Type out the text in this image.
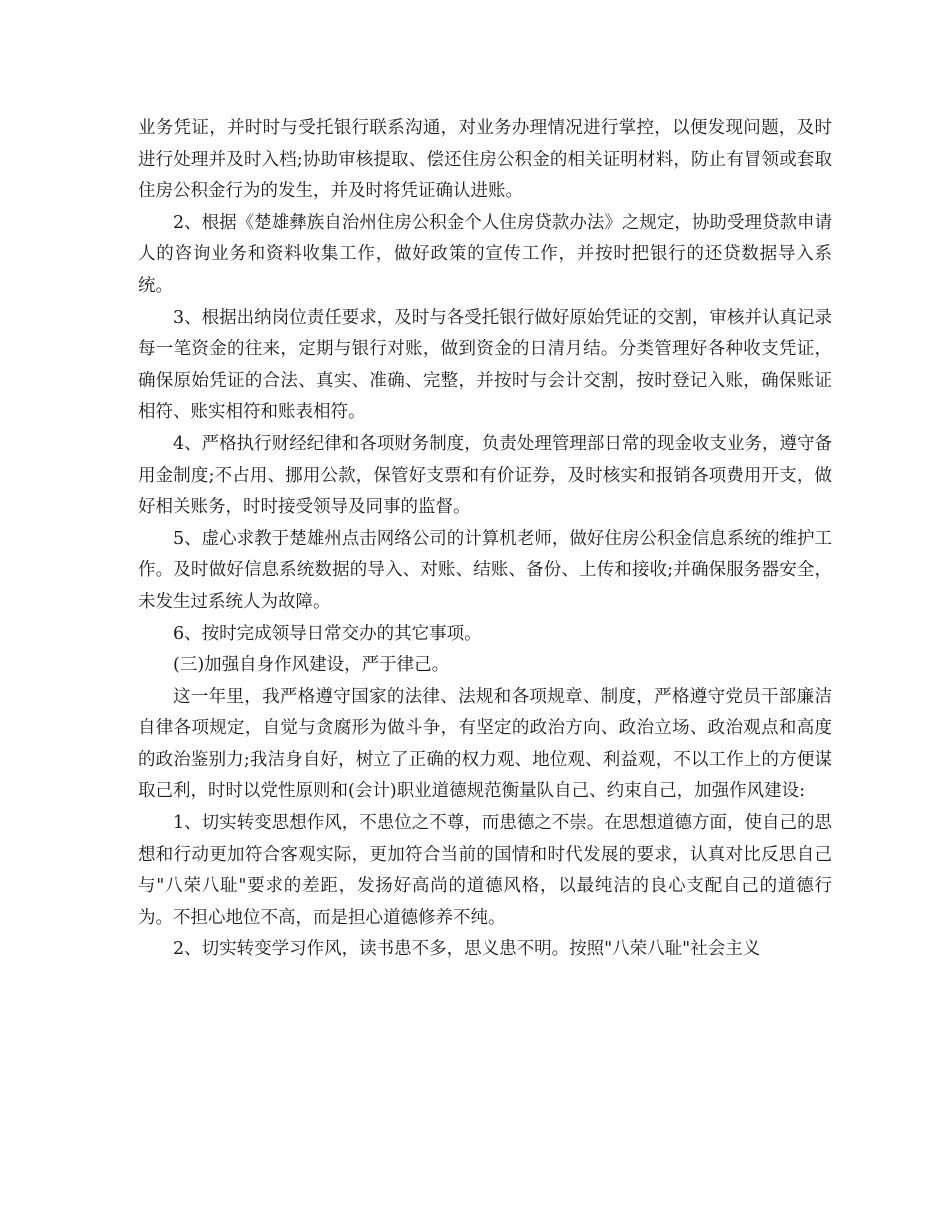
业务凭证，并时时与受托银行联系沟通，对业务办理情况进行掌控，以便发现问题，及时进行处理并及时入档;协助审核提取、偿还住房公积金的相关证明材料，防止有冒领或套取住房公积金行为的发生，并及时将凭证确认进账。

2、根据《楚雄彝族自治州住房公积金个人住房贷款办法》之规定，协助受理贷款申请人的咨询业务和资料收集工作，做好政策的宣传工作，并按时把银行的还贷数据导入系统。

3、根据出纳岗位责任要求，及时与各受托银行做好原始凭证的交割，审核并认真记录每一笔资金的往来，定期与银行对账，做到资金的日清月结。分类管理好各种收支凭证，确保原始凭证的合法、真实、准确、完整，并按时与会计交割，按时登记入账，确保账证相符、账实相符和账表相符。

4、严格执行财经纪律和各项财务制度，负责处理管理部日常的现金收支业务，遵守备用金制度;不占用、挪用公款，保管好支票和有价证券，及时核实和报销各项费用开支，做好相关账务，时时接受领导及同事的监督。

5、虚心求教于楚雄州点击网络公司的计算机老师，做好住房公积金信息系统的维护工作。及时做好信息系统数据的导入、对账、结账、备份、上传和接收;并确保服务器安全，未发生过系统人为故障。

6、按时完成领导日常交办的其它事项。

(三)加强自身作风建设，严于律己。

这一年里，我严格遵守国家的法律、法规和各项规章、制度，严格遵守党员干部廉洁自律各项规定，自觉与贪腐形为做斗争，有坚定的政治方向、政治立场、政治观点和高度的政治鉴别力;我洁身自好，树立了正确的权力观、地位观、利益观，不以工作上的方便谋取己利，时时以党性原则和(会计)职业道德规范衡量队自己、约束自己，加强作风建设:

1、切实转变思想作风，不患位之不尊，而患德之不崇。在思想道德方面，使自己的思想和行动更加符合客观实际，更加符合当前的国情和时代发展的要求，认真对比反思自己与"八荣八耻"要求的差距，发扬好高尚的道德风格，以最纯洁的良心支配自己的道德行为。不担心地位不高，而是担心道德修养不纯。

2、切实转变学习作风，读书患不多，思义患不明。按照"八荣八耻"社会主义
